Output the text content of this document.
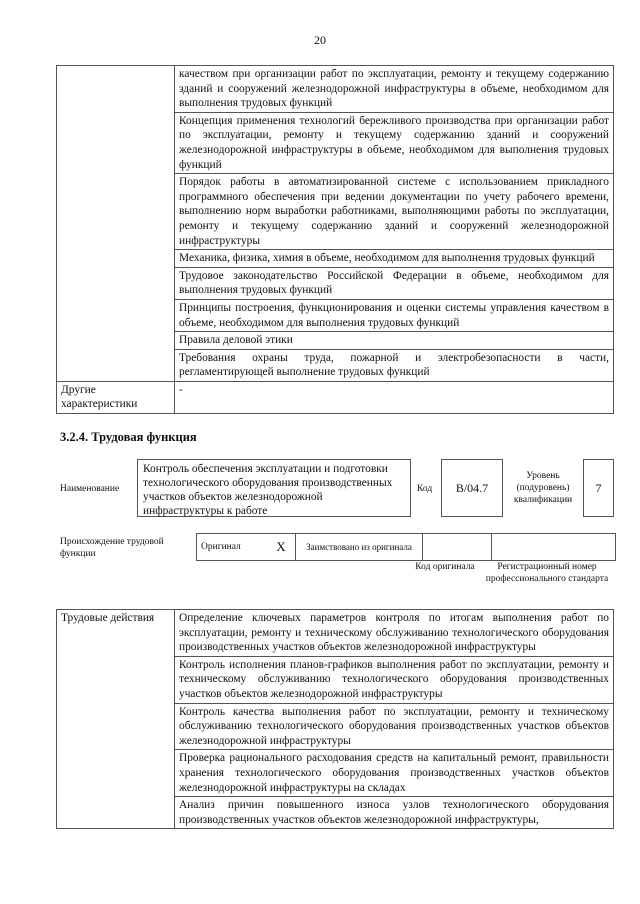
20
	качеством при организации работ по эксплуатации, ремонту и текущему содержанию зданий и сооружений железнодорожной инфраструктуры в объеме, необходимом для выполнения трудовых функций
	Концепция применения технологий бережливого производства при организации работ по эксплуатации, ремонту и текущему содержанию зданий и сооружений железнодорожной инфраструктуры в объеме, необходимом для выполнения трудовых функций
	Порядок работы в автоматизированной системе с использованием прикладного программного обеспечения при ведении документации по учету рабочего времени, выполнению норм выработки работниками, выполняющими работы по эксплуатации, ремонту и текущему содержанию зданий и сооружений железнодорожной инфраструктуры
	Механика, физика, химия в объеме, необходимом для выполнения трудовых функций
	Трудовое законодательство Российской Федерации в объеме, необходимом для выполнения трудовых функций
	Принципы построения, функционирования и оценки системы управления качеством в объеме, необходимом для выполнения трудовых функций
	Правила деловой этики
	Требования охраны труда, пожарной и электробезопасности в части, регламентирующей выполнение трудовых функций
Другие характеристики	-
3.2.4. Трудовая функция
Наименование
Контроль обеспечения эксплуатации и подготовки технологического оборудования производственных участков объектов железнодорожной инфраструктуры к работе
Код	B/04.7
Уровень (подуровень) квалификации
7
Происхождение трудовой функции
Оригинал	X	Заимствовано из оригинала		
Код оригинала	Регистрационный номер профессионального стандарта
Трудовые действия	Определение ключевых параметров контроля по итогам выполнения работ по эксплуатации, ремонту и техническому обслуживанию технологического оборудования производственных участков объектов железнодорожной инфраструктуры
	Контроль исполнения планов-графиков выполнения работ по эксплуатации, ремонту и техническому обслуживанию технологического оборудования производственных участков объектов железнодорожной инфраструктуры
	Контроль качества выполнения работ по эксплуатации, ремонту и техническому обслуживанию технологического оборудования производственных участков объектов железнодорожной инфраструктуры
	Проверка рационального расходования средств на капитальный ремонт, правильности хранения технологического оборудования производственных участков объектов железнодорожной инфраструктуры на складах
	Анализ причин повышенного износа узлов технологического оборудования производственных участков объектов железнодорожной инфраструктуры,
